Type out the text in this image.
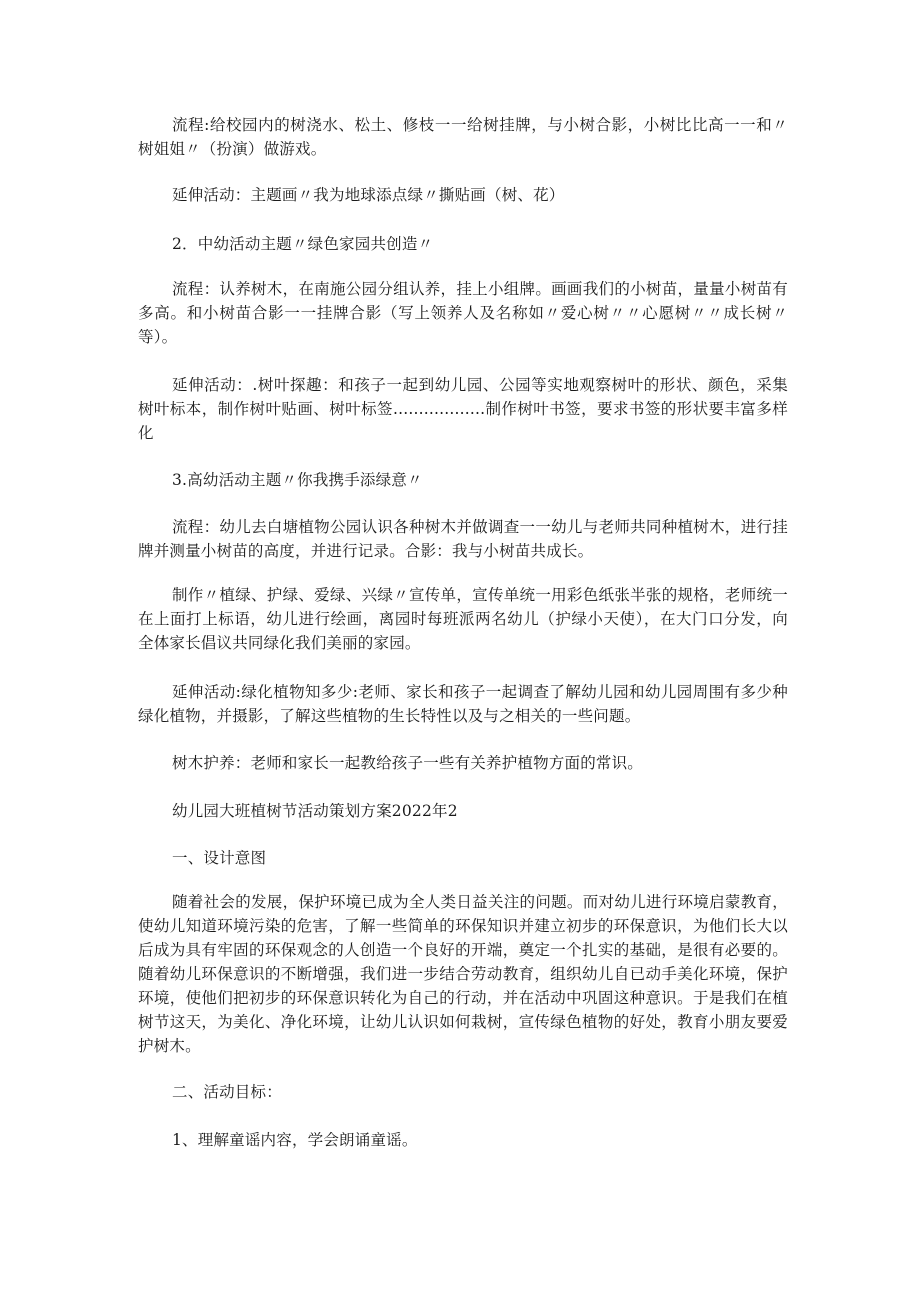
流程:给校园内的树浇水、松土、修枝一一给树挂牌，与小树合影，小树比比高一一和〃树姐姐〃（扮演）做游戏。

延伸活动：主题画〃我为地球添点绿〃撕贴画（树、花）

2．中幼活动主题〃绿色家园共创造〃

流程：认养树木，在南施公园分组认养，挂上小组牌。画画我们的小树苗，量量小树苗有多高。和小树苗合影一一挂牌合影（写上领养人及名称如〃爱心树〃〃心愿树〃〃成长树〃等）。

延伸活动：.树叶探趣：和孩子一起到幼儿园、公园等实地观察树叶的形状、颜色，采集树叶标本，制作树叶贴画、树叶标签..................制作树叶书签，要求书签的形状要丰富多样化

3.高幼活动主题〃你我携手添绿意〃

流程：幼儿去白塘植物公园认识各种树木并做调查一一幼儿与老师共同种植树木，进行挂牌并测量小树苗的高度，并进行记录。合影：我与小树苗共成长。

制作〃植绿、护绿、爱绿、兴绿〃宣传单，宣传单统一用彩色纸张半张的规格，老师统一在上面打上标语，幼儿进行绘画，离园时每班派两名幼儿（护绿小天使），在大门口分发，向全体家长倡议共同绿化我们美丽的家园。

延伸活动:绿化植物知多少:老师、家长和孩子一起调查了解幼儿园和幼儿园周围有多少种绿化植物，并摄影，了解这些植物的生长特性以及与之相关的一些问题。

树木护养：老师和家长一起教给孩子一些有关养护植物方面的常识。

幼儿园大班植树节活动策划方案2022年2

一、设计意图

随着社会的发展，保护环境已成为全人类日益关注的问题。而对幼儿进行环境启蒙教育，使幼儿知道环境污染的危害，了解一些简单的环保知识并建立初步的环保意识，为他们长大以后成为具有牢固的环保观念的人创造一个良好的开端，奠定一个扎实的基础，是很有必要的。随着幼儿环保意识的不断增强，我们进一步结合劳动教育，组织幼儿自已动手美化环境，保护环境，使他们把初步的环保意识转化为自己的行动，并在活动中巩固这种意识。于是我们在植树节这天，为美化、净化环境，让幼儿认识如何栽树，宣传绿色植物的好处，教育小朋友要爱护树木。

二、活动目标：

1、理解童谣内容，学会朗诵童谣。
